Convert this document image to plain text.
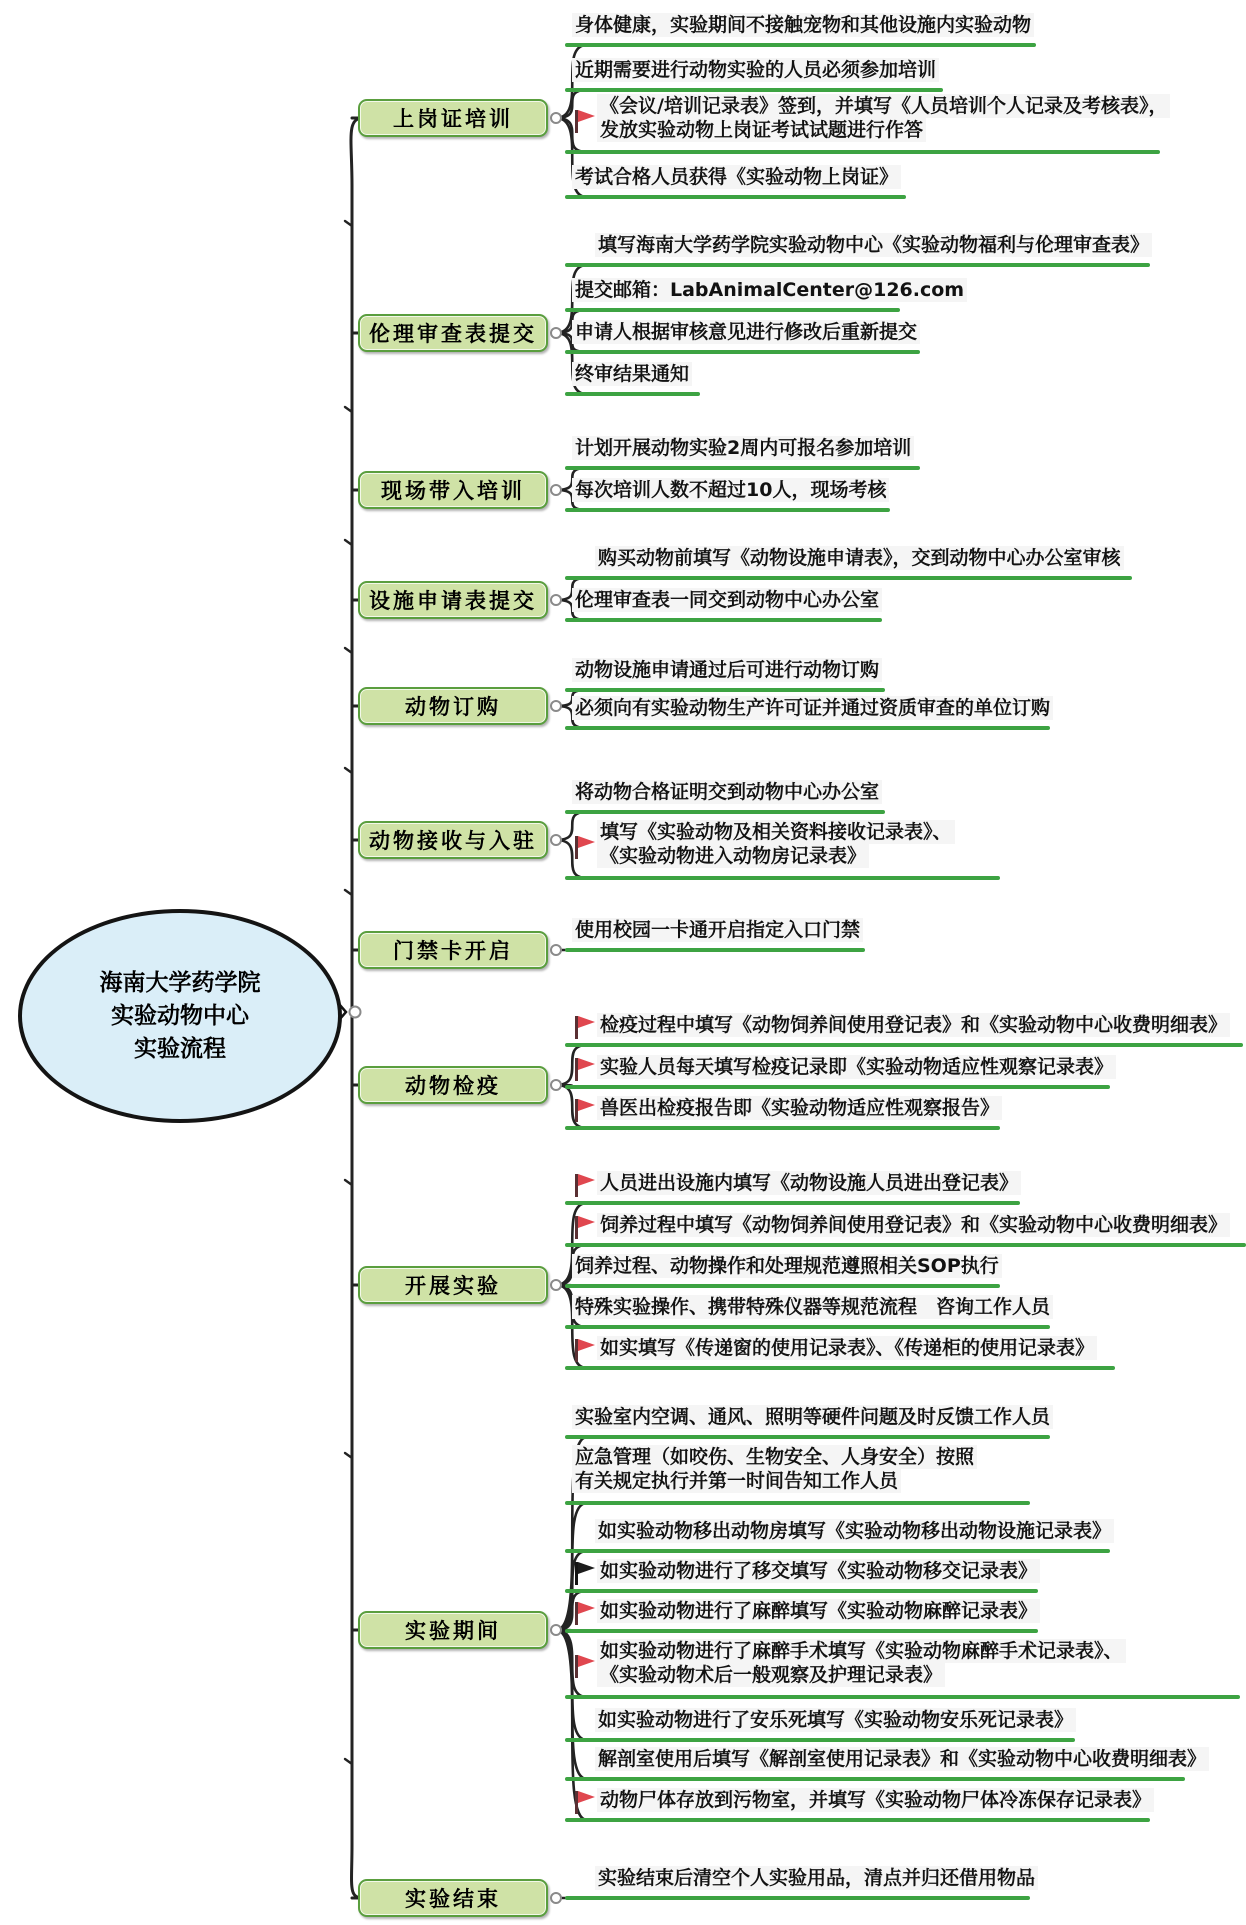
海南大学药学院
实验动物中心
实验流程
上岗证培训
身体健康，实验期间不接触宠物和其他设施内实验动物
近期需要进行动物实验的人员必须参加培训
《会议/培训记录表》签到，并填写《人员培训个人记录及考核表》，
发放实验动物上岗证考试试题进行作答
考试合格人员获得《实验动物上岗证》
伦理审查表提交
填写海南大学药学院实验动物中心《实验动物福利与伦理审查表》
提交邮箱：LabAnimalCenter@126.com
申请人根据审核意见进行修改后重新提交
终审结果通知
现场带入培训
计划开展动物实验2周内可报名参加培训
每次培训人数不超过10人，现场考核
设施申请表提交
购买动物前填写《动物设施申请表》，交到动物中心办公室审核
伦理审查表一同交到动物中心办公室
动物订购
动物设施申请通过后可进行动物订购
必须向有实验动物生产许可证并通过资质审查的单位订购
动物接收与入驻
将动物合格证明交到动物中心办公室
填写《实验动物及相关资料接收记录表》、
《实验动物进入动物房记录表》
门禁卡开启
使用校园一卡通开启指定入口门禁
动物检疫
检疫过程中填写《动物饲养间使用登记表》和《实验动物中心收费明细表》
实验人员每天填写检疫记录即《实验动物适应性观察记录表》
兽医出检疫报告即《实验动物适应性观察报告》
开展实验
人员进出设施内填写《动物设施人员进出登记表》
饲养过程中填写《动物饲养间使用登记表》和《实验动物中心收费明细表》
饲养过程、动物操作和处理规范遵照相关SOP执行
特殊实验操作、携带特殊仪器等规范流程　咨询工作人员
如实填写《传递窗的使用记录表》、《传递柜的使用记录表》
实验期间
实验室内空调、通风、照明等硬件问题及时反馈工作人员
应急管理（如咬伤、生物安全、人身安全）按照
有关规定执行并第一时间告知工作人员
如实验动物移出动物房填写《实验动物移出动物设施记录表》
如实验动物进行了移交填写《实验动物移交记录表》
如实验动物进行了麻醉填写《实验动物麻醉记录表》
如实验动物进行了麻醉手术填写《实验动物麻醉手术记录表》、
《实验动物术后一般观察及护理记录表》
如实验动物进行了安乐死填写《实验动物安乐死记录表》
解剖室使用后填写《解剖室使用记录表》和《实验动物中心收费明细表》
动物尸体存放到污物室，并填写《实验动物尸体冷冻保存记录表》
实验结束
实验结束后清空个人实验用品，清点并归还借用物品
